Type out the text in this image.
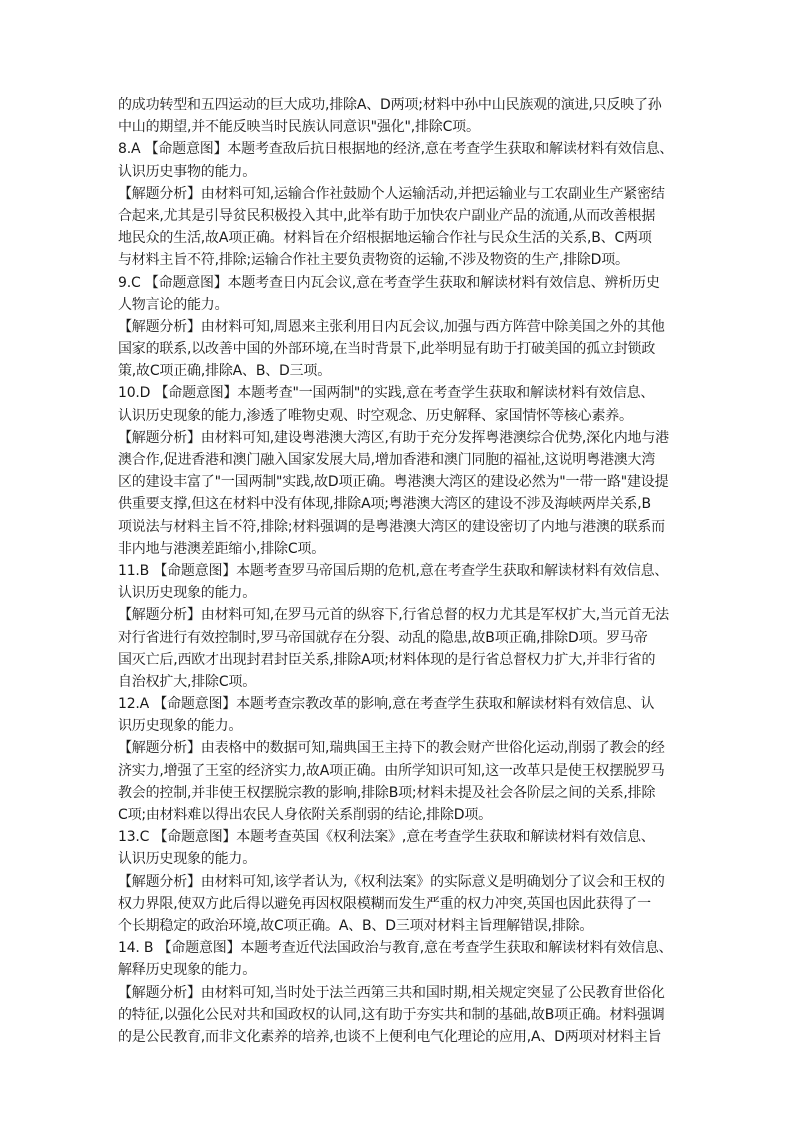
的成功转型和五四运动的巨大成功,排除A、D两项;材料中孙中山民族观的演进,只反映了孙
中山的期望,并不能反映当时民族认同意识"强化",排除C项。
8.A 【命题意图】本题考查敌后抗日根据地的经济,意在考查学生获取和解读材料有效信息、
认识历史事物的能力。
【解题分析】由材料可知,运输合作社鼓励个人运输活动,并把运输业与工农副业生产紧密结
合起来,尤其是引导贫民积极投入其中,此举有助于加快农户副业产品的流通,从而改善根据
地民众的生活,故A项正确。材料旨在介绍根据地运输合作社与民众生活的关系,B、C两项
与材料主旨不符,排除;运输合作社主要负责物资的运输,不涉及物资的生产,排除D项。
9.C 【命题意图】本题考查日内瓦会议,意在考查学生获取和解读材料有效信息、辨析历史
人物言论的能力。
【解题分析】由材料可知,周恩来主张利用日内瓦会议,加强与西方阵营中除美国之外的其他
国家的联系,以改善中国的外部环境,在当时背景下,此举明显有助于打破美国的孤立封锁政
策,故C项正确,排除A、B、D三项。
10.D 【命题意图】本题考查"一国两制"的实践,意在考查学生获取和解读材料有效信息、
认识历史现象的能力,渗透了唯物史观、时空观念、历史解释、家国情怀等核心素养。
【解题分析】由材料可知,建设粤港澳大湾区,有助于充分发挥粤港澳综合优势,深化内地与港
澳合作,促进香港和澳门融入国家发展大局,增加香港和澳门同胞的福祉,这说明粤港澳大湾
区的建设丰富了"一国两制"实践,故D项正确。粤港澳大湾区的建设必然为"一带一路"建设提
供重要支撑,但这在材料中没有体现,排除A项;粤港澳大湾区的建设不涉及海峡两岸关系,B
项说法与材料主旨不符,排除;材料强调的是粤港澳大湾区的建设密切了内地与港澳的联系而
非内地与港澳差距缩小,排除C项。
11.B 【命题意图】本题考查罗马帝国后期的危机,意在考查学生获取和解读材料有效信息、
认识历史现象的能力。
【解题分析】由材料可知,在罗马元首的纵容下,行省总督的权力尤其是军权扩大,当元首无法
对行省进行有效控制时,罗马帝国就存在分裂、动乱的隐患,故B项正确,排除D项。罗马帝
国灭亡后,西欧才出现封君封臣关系,排除A项;材料体现的是行省总督权力扩大,并非行省的
自治权扩大,排除C项。
12.A 【命题意图】本题考查宗教改革的影响,意在考查学生获取和解读材料有效信息、认
识历史现象的能力。
【解题分析】由表格中的数据可知,瑞典国王主持下的教会财产世俗化运动,削弱了教会的经
济实力,增强了王室的经济实力,故A项正确。由所学知识可知,这一改革只是使王权摆脱罗马
教会的控制,并非使王权摆脱宗教的影响,排除B项;材料未提及社会各阶层之间的关系,排除
C项;由材料难以得出农民人身依附关系削弱的结论,排除D项。
13.C 【命题意图】本题考查英国《权利法案》,意在考查学生获取和解读材料有效信息、
认识历史现象的能力。
【解题分析】由材料可知,该学者认为,《权利法案》的实际意义是明确划分了议会和王权的
权力界限,使双方此后得以避免再因权限模糊而发生严重的权力冲突,英国也因此获得了一
个长期稳定的政治环境,故C项正确。A、B、D三项对材料主旨理解错误,排除。
14. B 【命题意图】本题考查近代法国政治与教育,意在考查学生获取和解读材料有效信息、
解释历史现象的能力。
【解题分析】由材料可知,当时处于法兰西第三共和国时期,相关规定突显了公民教育世俗化
的特征,以强化公民对共和国政权的认同,这有助于夯实共和制的基础,故B项正确。材料强调
的是公民教育,而非文化素养的培养,也谈不上便利电气化理论的应用,A、D两项对材料主旨
